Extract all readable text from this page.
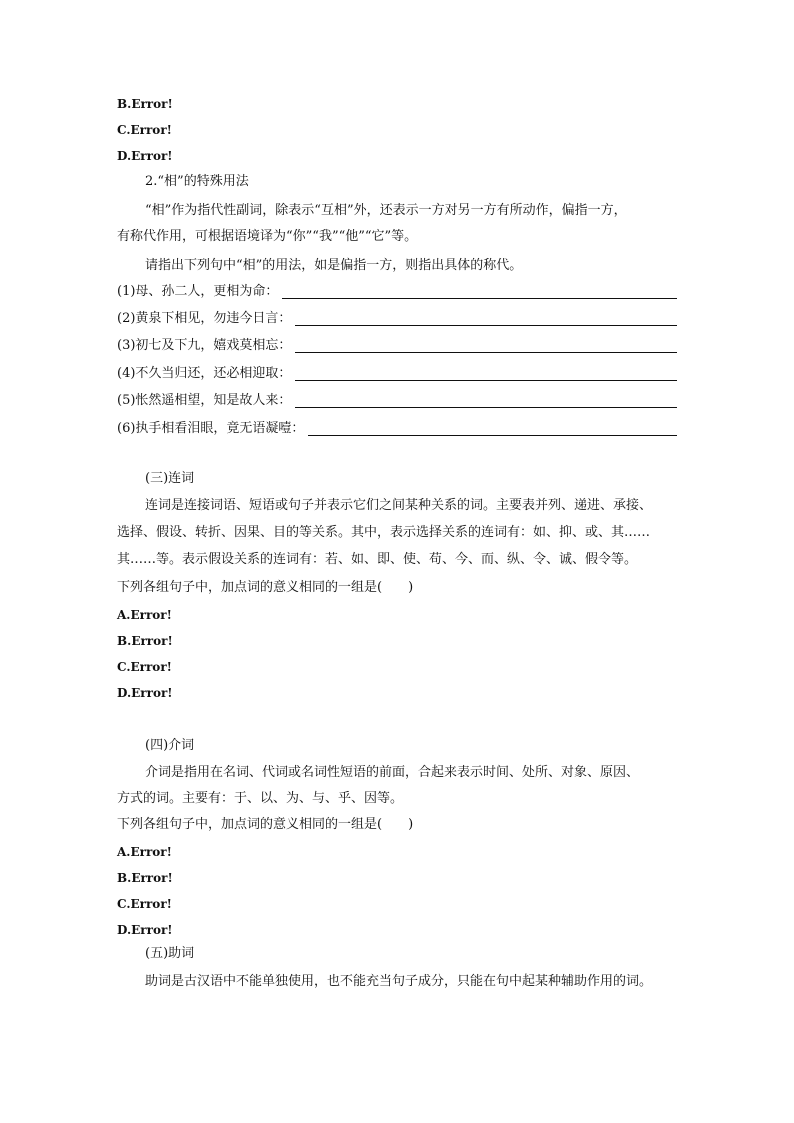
B.Error!
C.Error!
D.Error!
2.“相”的特殊用法
“相”作为指代性副词，除表示“互相”外，还表示一方对另一方有所动作，偏指一方，
有称代作用，可根据语境译为“你”“我”“他”“它”等。
请指出下列句中“相”的用法，如是偏指一方，则指出具体的称代。
(1)母、孙二人，更相为命：
(2)黄泉下相见，勿违今日言：
(3)初七及下九，嬉戏莫相忘：
(4)不久当归还，还必相迎取：
(5)怅然遥相望，知是故人来：
(6)执手相看泪眼，竟无语凝噎：
(三)连词
连词是连接词语、短语或句子并表示它们之间某种关系的词。主要表并列、递进、承接、
选择、假设、转折、因果、目的等关系。其中，表示选择关系的连词有：如、抑、或、其……
其……等。表示假设关系的连词有：若、如、即、使、苟、今、而、纵、令、诚、假令等。
下列各组句子中，加点词的意义相同的一组是(　　)
A.Error!
B.Error!
C.Error!
D.Error!
(四)介词
介词是指用在名词、代词或名词性短语的前面，合起来表示时间、处所、对象、原因、
方式的词。主要有：于、以、为、与、乎、因等。
下列各组句子中，加点词的意义相同的一组是(　　)
A.Error!
B.Error!
C.Error!
D.Error!
(五)助词
助词是古汉语中不能单独使用，也不能充当句子成分，只能在句中起某种辅助作用的词。
